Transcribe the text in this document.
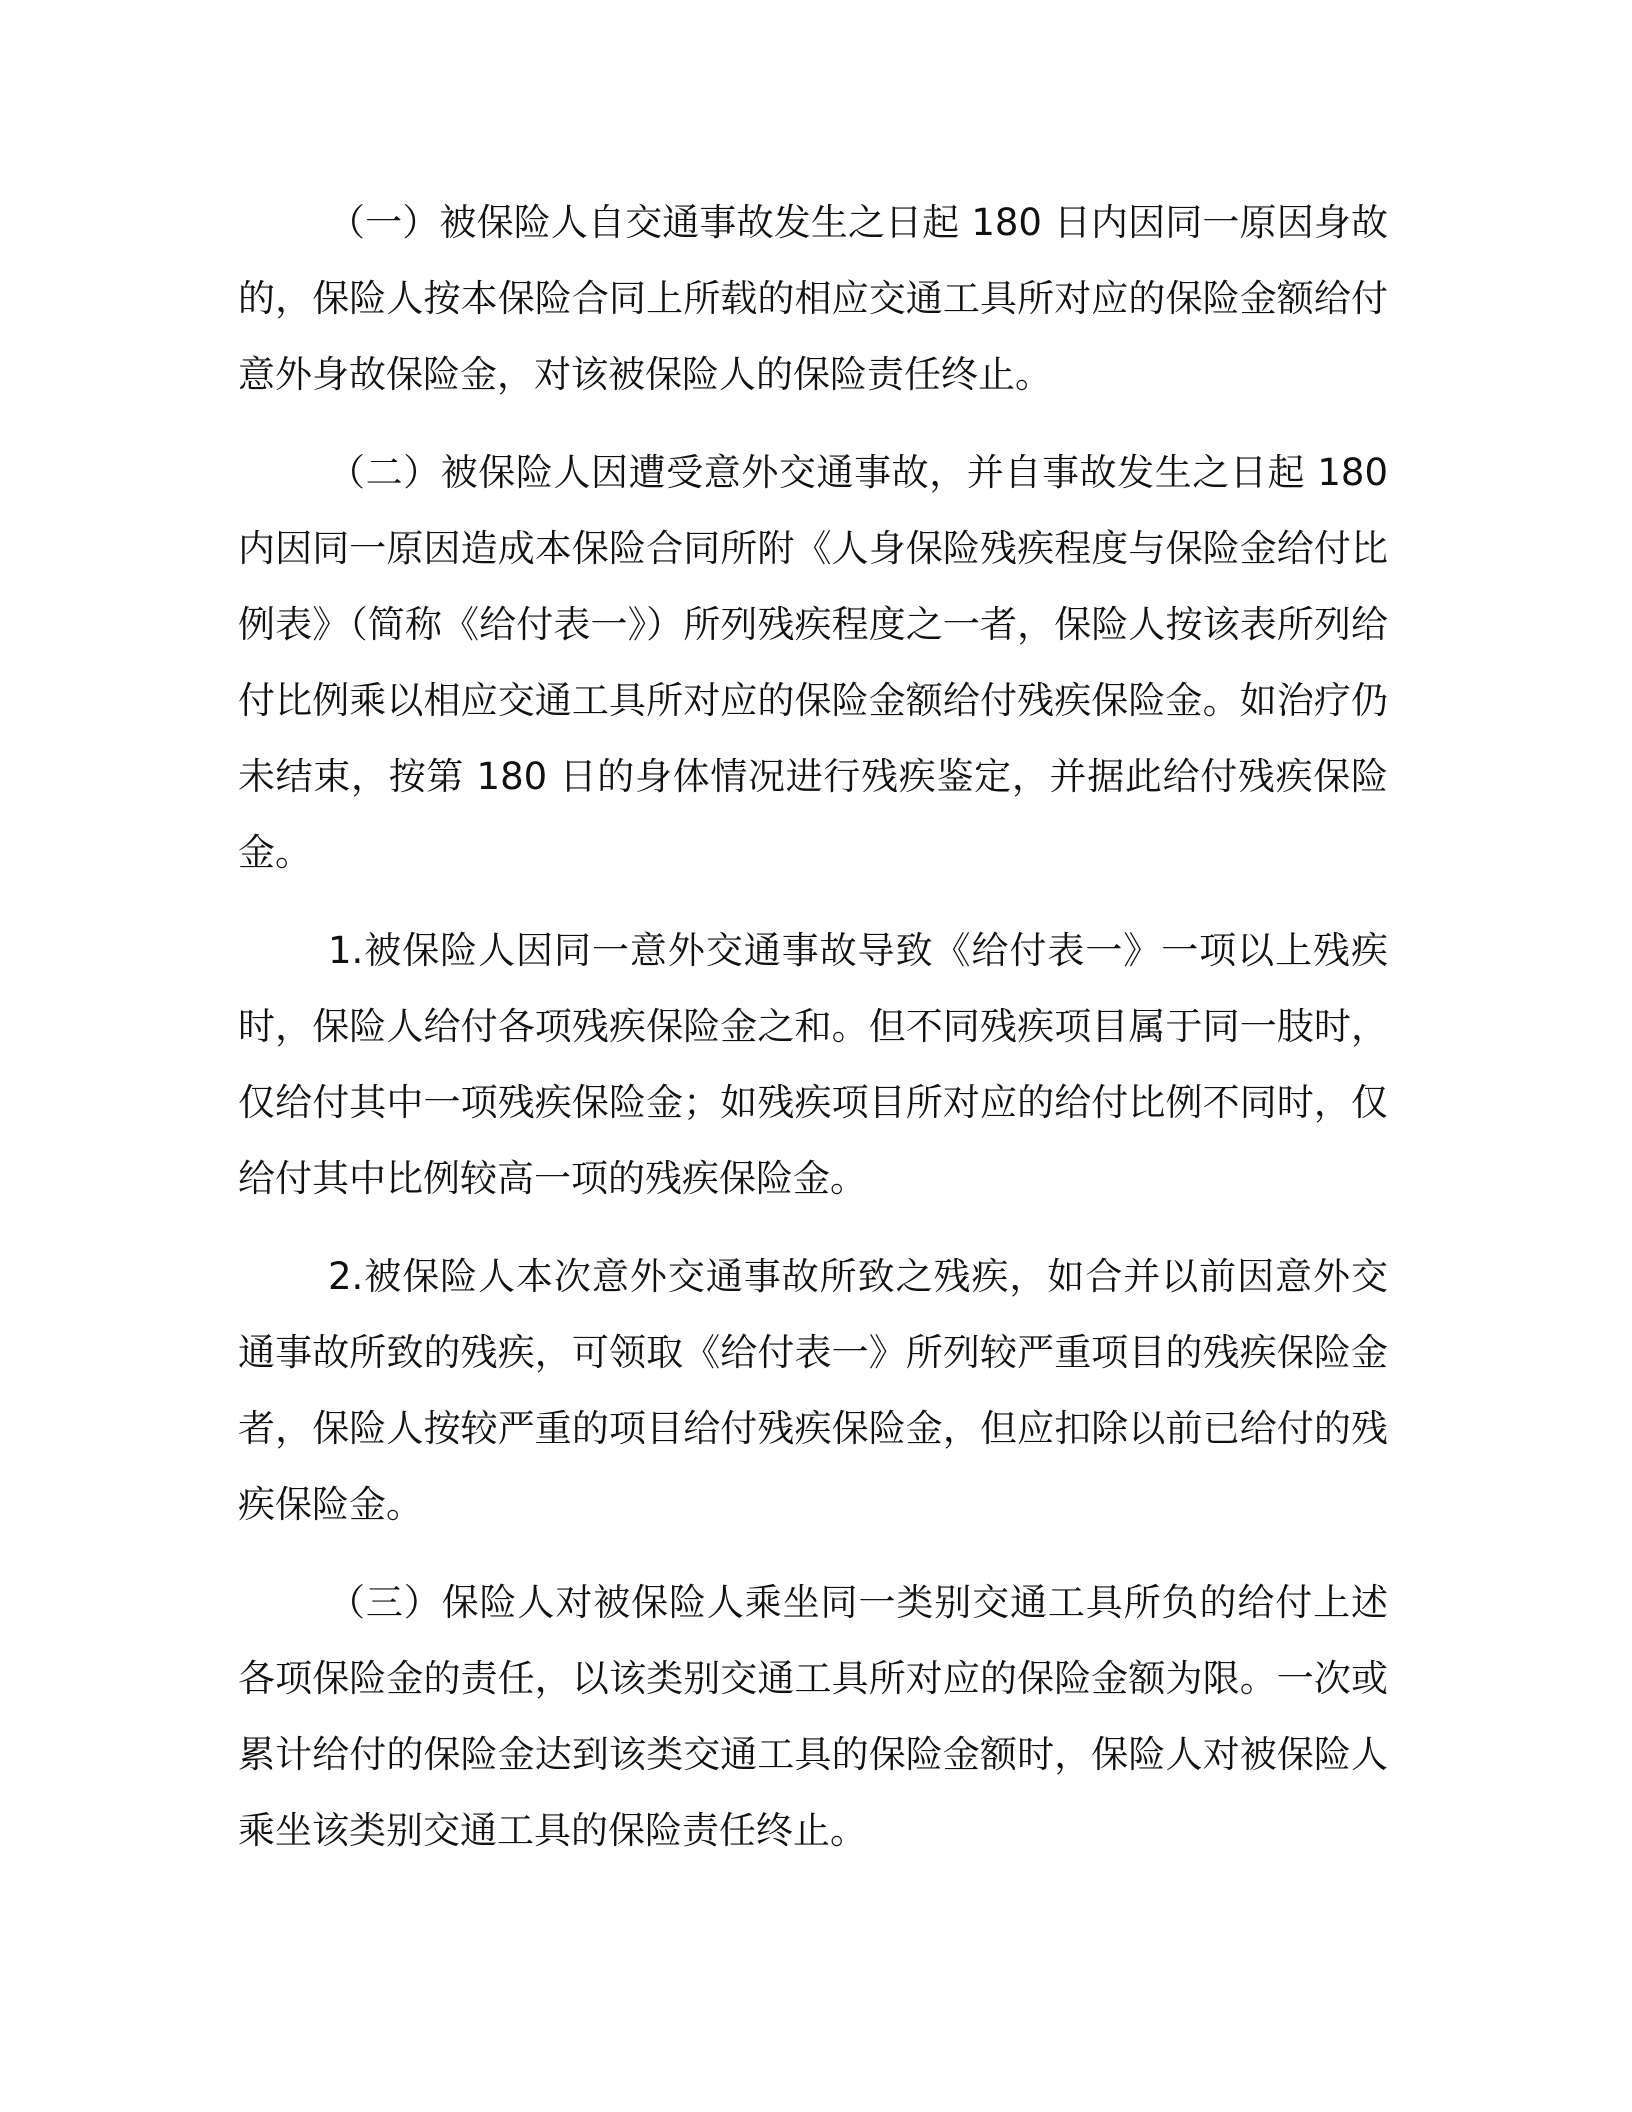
（一）被保险人自交通事故发生之日起 180 日内因同一原因身故的，保险人按本保险合同上所载的相应交通工具所对应的保险金额给付意外身故保险金，对该被保险人的保险责任终止。

（二）被保险人因遭受意外交通事故，并自事故发生之日起 180 内因同一原因造成本保险合同所附《人身保险残疾程度与保险金给付比例表》（简称《给付表一》）所列残疾程度之一者，保险人按该表所列给付比例乘以相应交通工具所对应的保险金额给付残疾保险金。如治疗仍未结束，按第 180 日的身体情况进行残疾鉴定，并据此给付残疾保险金。

1.被保险人因同一意外交通事故导致《给付表一》一项以上残疾时，保险人给付各项残疾保险金之和。但不同残疾项目属于同一肢时，仅给付其中一项残疾保险金；如残疾项目所对应的给付比例不同时，仅给付其中比例较高一项的残疾保险金。

2.被保险人本次意外交通事故所致之残疾，如合并以前因意外交通事故所致的残疾，可领取《给付表一》所列较严重项目的残疾保险金者，保险人按较严重的项目给付残疾保险金，但应扣除以前已给付的残疾保险金。

（三）保险人对被保险人乘坐同一类别交通工具所负的给付上述各项保险金的责任，以该类别交通工具所对应的保险金额为限。一次或累计给付的保险金达到该类交通工具的保险金额时，保险人对被保险人乘坐该类别交通工具的保险责任终止。
